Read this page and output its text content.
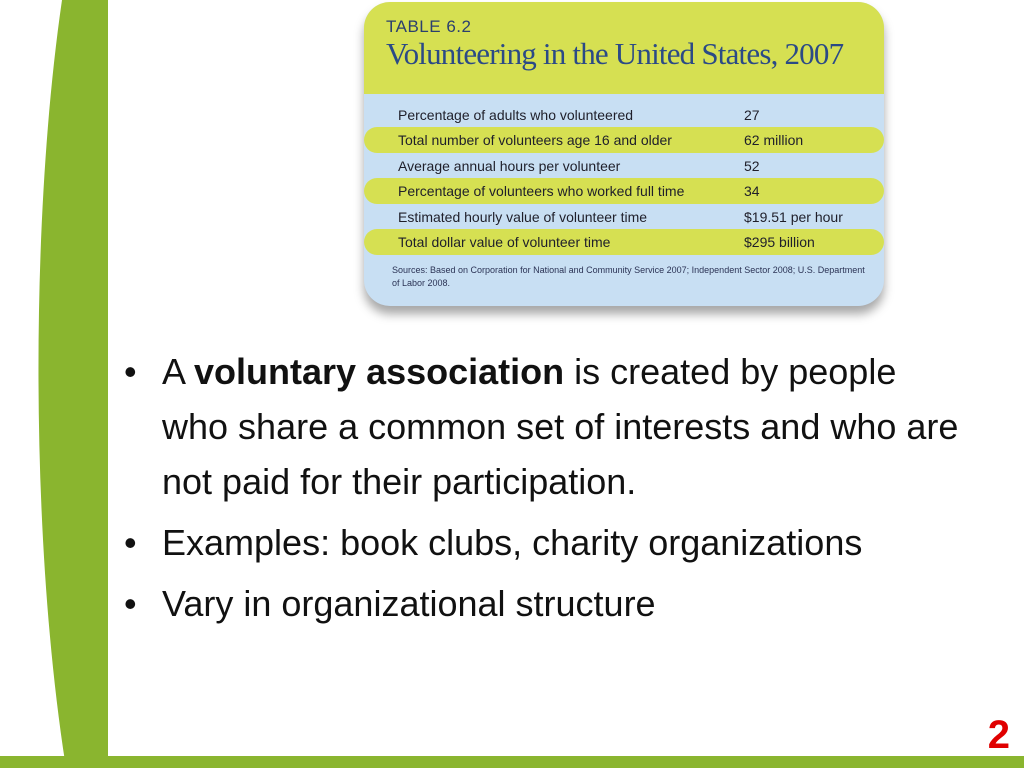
TABLE 6.2
Volunteering in the United States, 2007
Percentage of adults who volunteered	27
Total number of volunteers age 16 and older	62 million
Average annual hours per volunteer	52
Percentage of volunteers who worked full time	34
Estimated hourly value of volunteer time	$19.51 per hour
Total dollar value of volunteer time	$295 billion
Sources: Based on Corporation for National and Community Service 2007; Independent Sector 2008; U.S. Department of Labor 2008.
• A voluntary association is created by people who share a common set of interests and who are not paid for their participation.
• Examples: book clubs, charity organizations
• Vary in organizational structure
2
